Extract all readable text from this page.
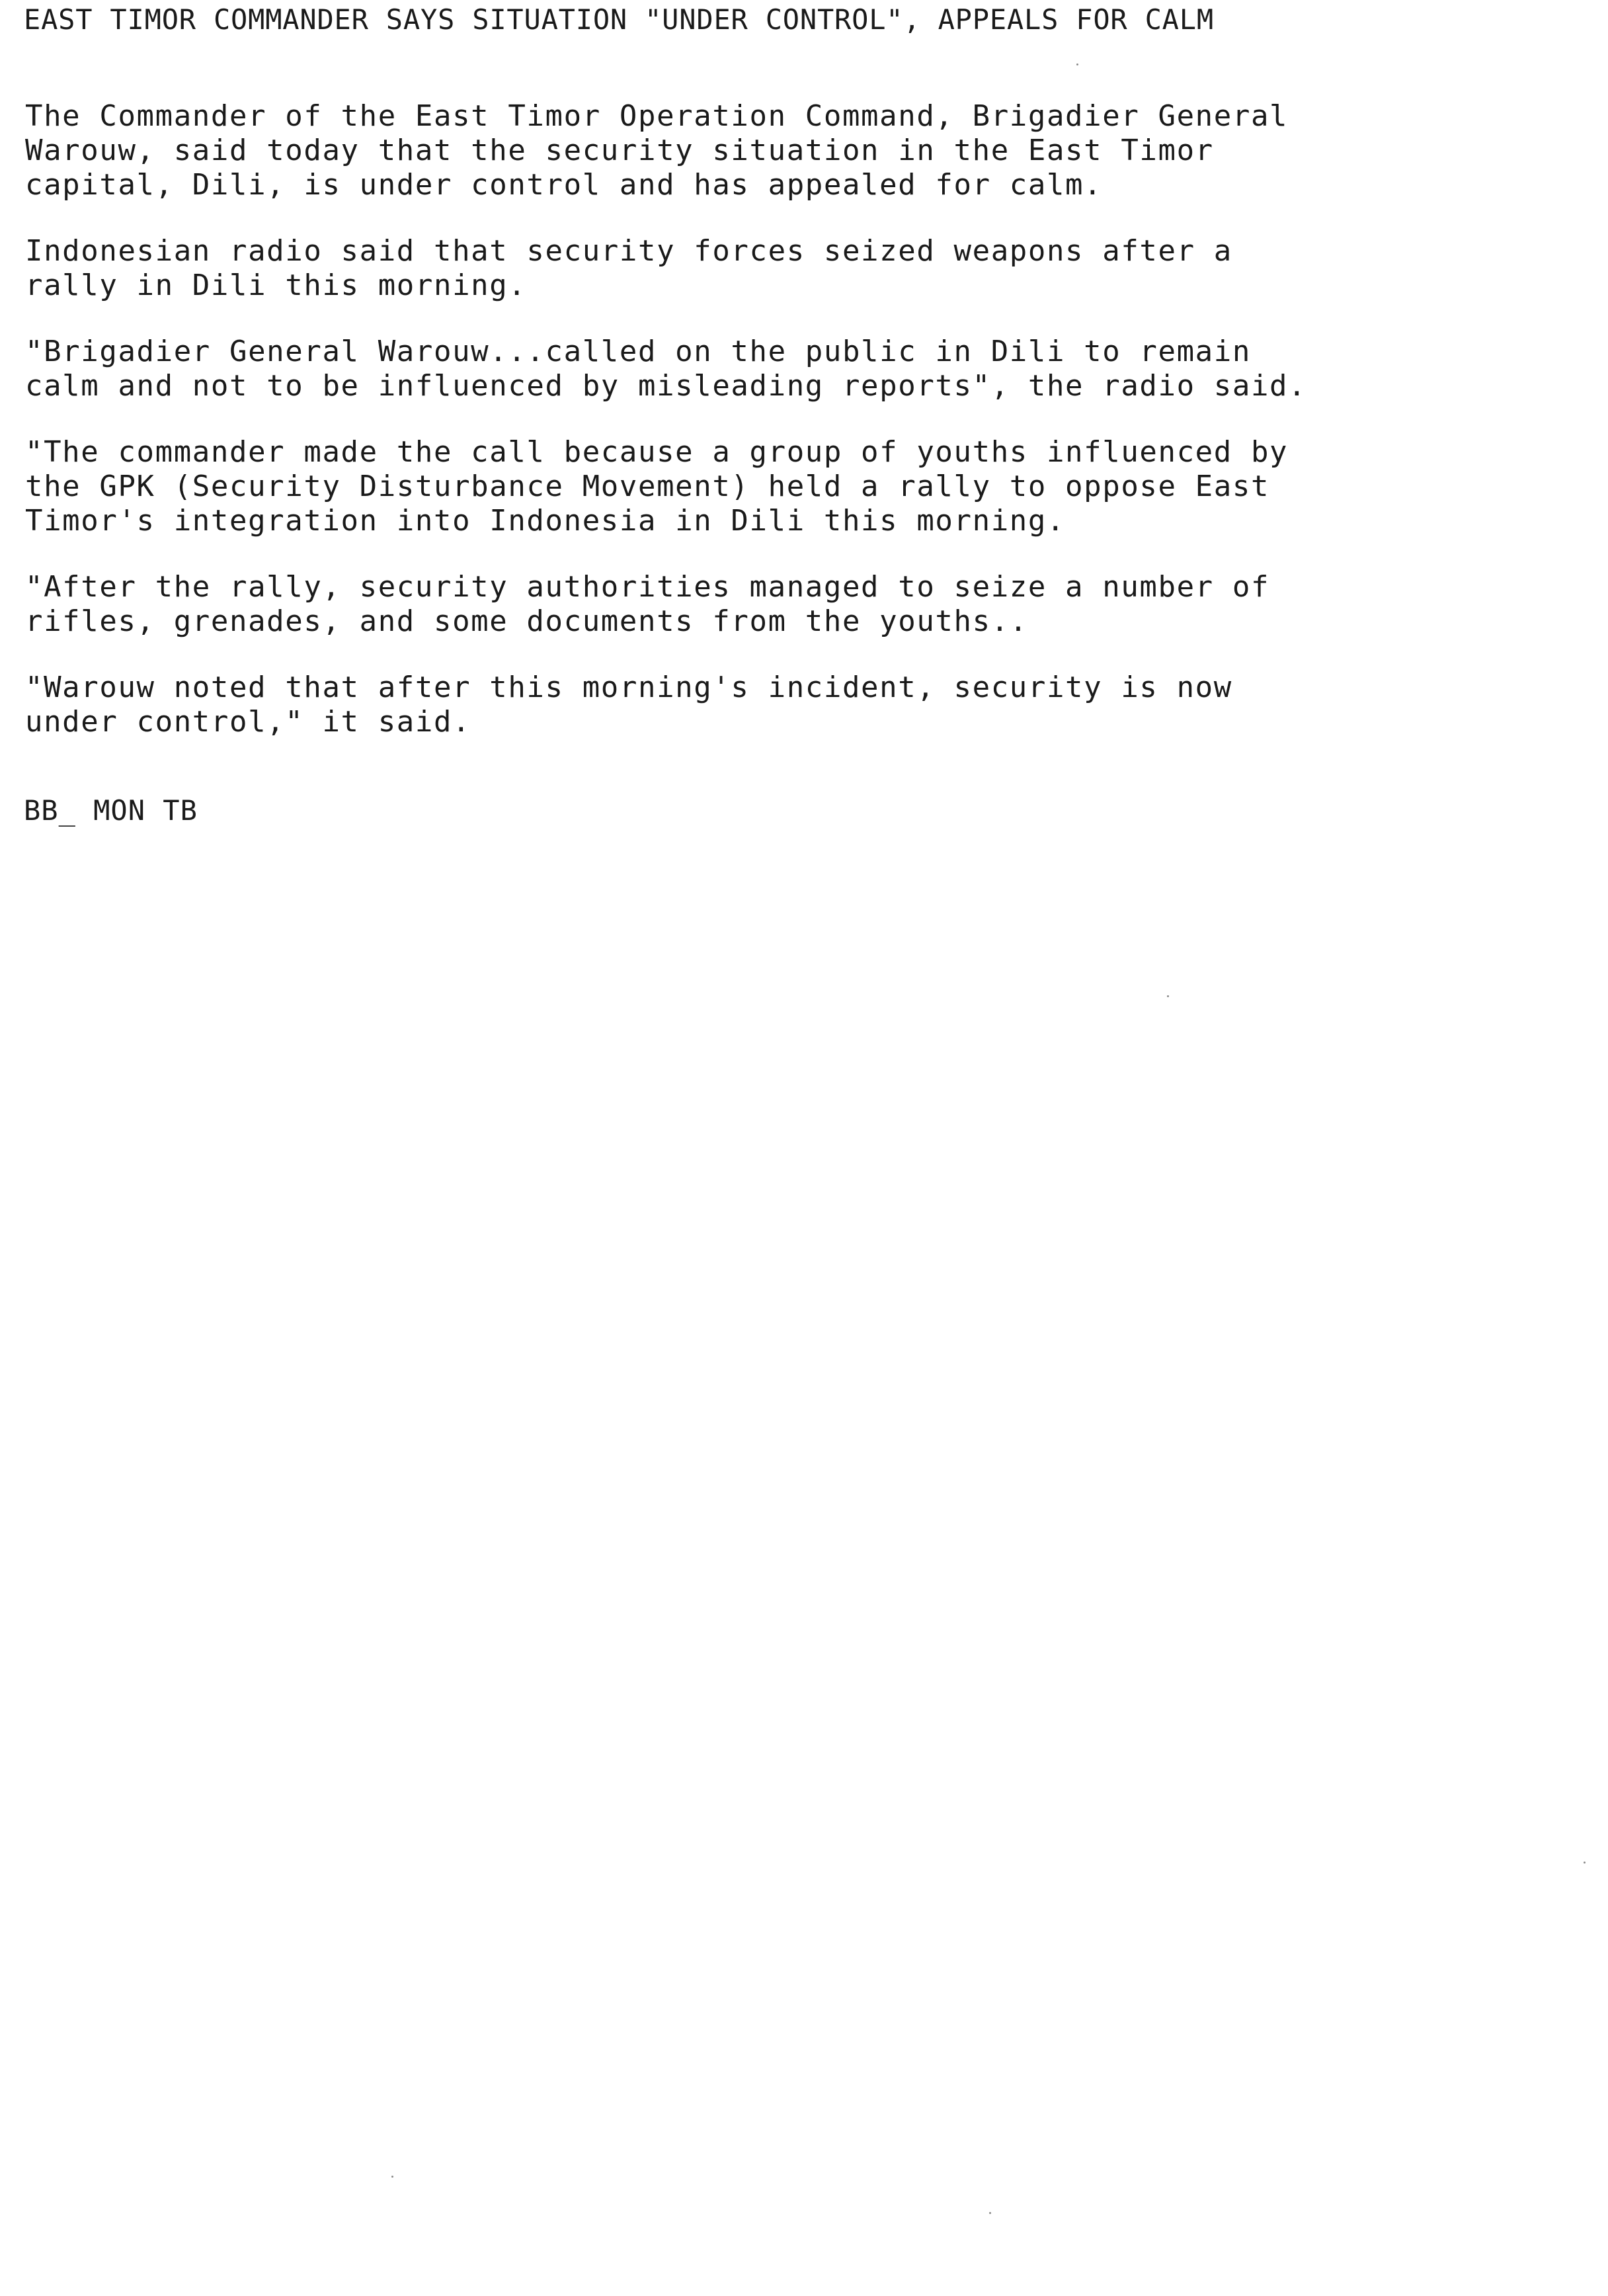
EAST TIMOR COMMANDER SAYS SITUATION "UNDER CONTROL", APPEALS FOR CALM

The Commander of the East Timor Operation Command, Brigadier General
Warouw, said today that the security situation in the East Timor
capital, Dili, is under control and has appealed for calm.

Indonesian radio said that security forces seized weapons after a
rally in Dili this morning.

"Brigadier General Warouw...called on the public in Dili to remain
calm and not to be influenced by misleading reports", the radio said.

"The commander made the call because a group of youths influenced by
the GPK (Security Disturbance Movement) held a rally to oppose East
Timor's integration into Indonesia in Dili this morning.

"After the rally, security authorities managed to seize a number of
rifles, grenades, and some documents from the youths..

"Warouw noted that after this morning's incident, security is now
under control," it said.

BB_ MON TB
